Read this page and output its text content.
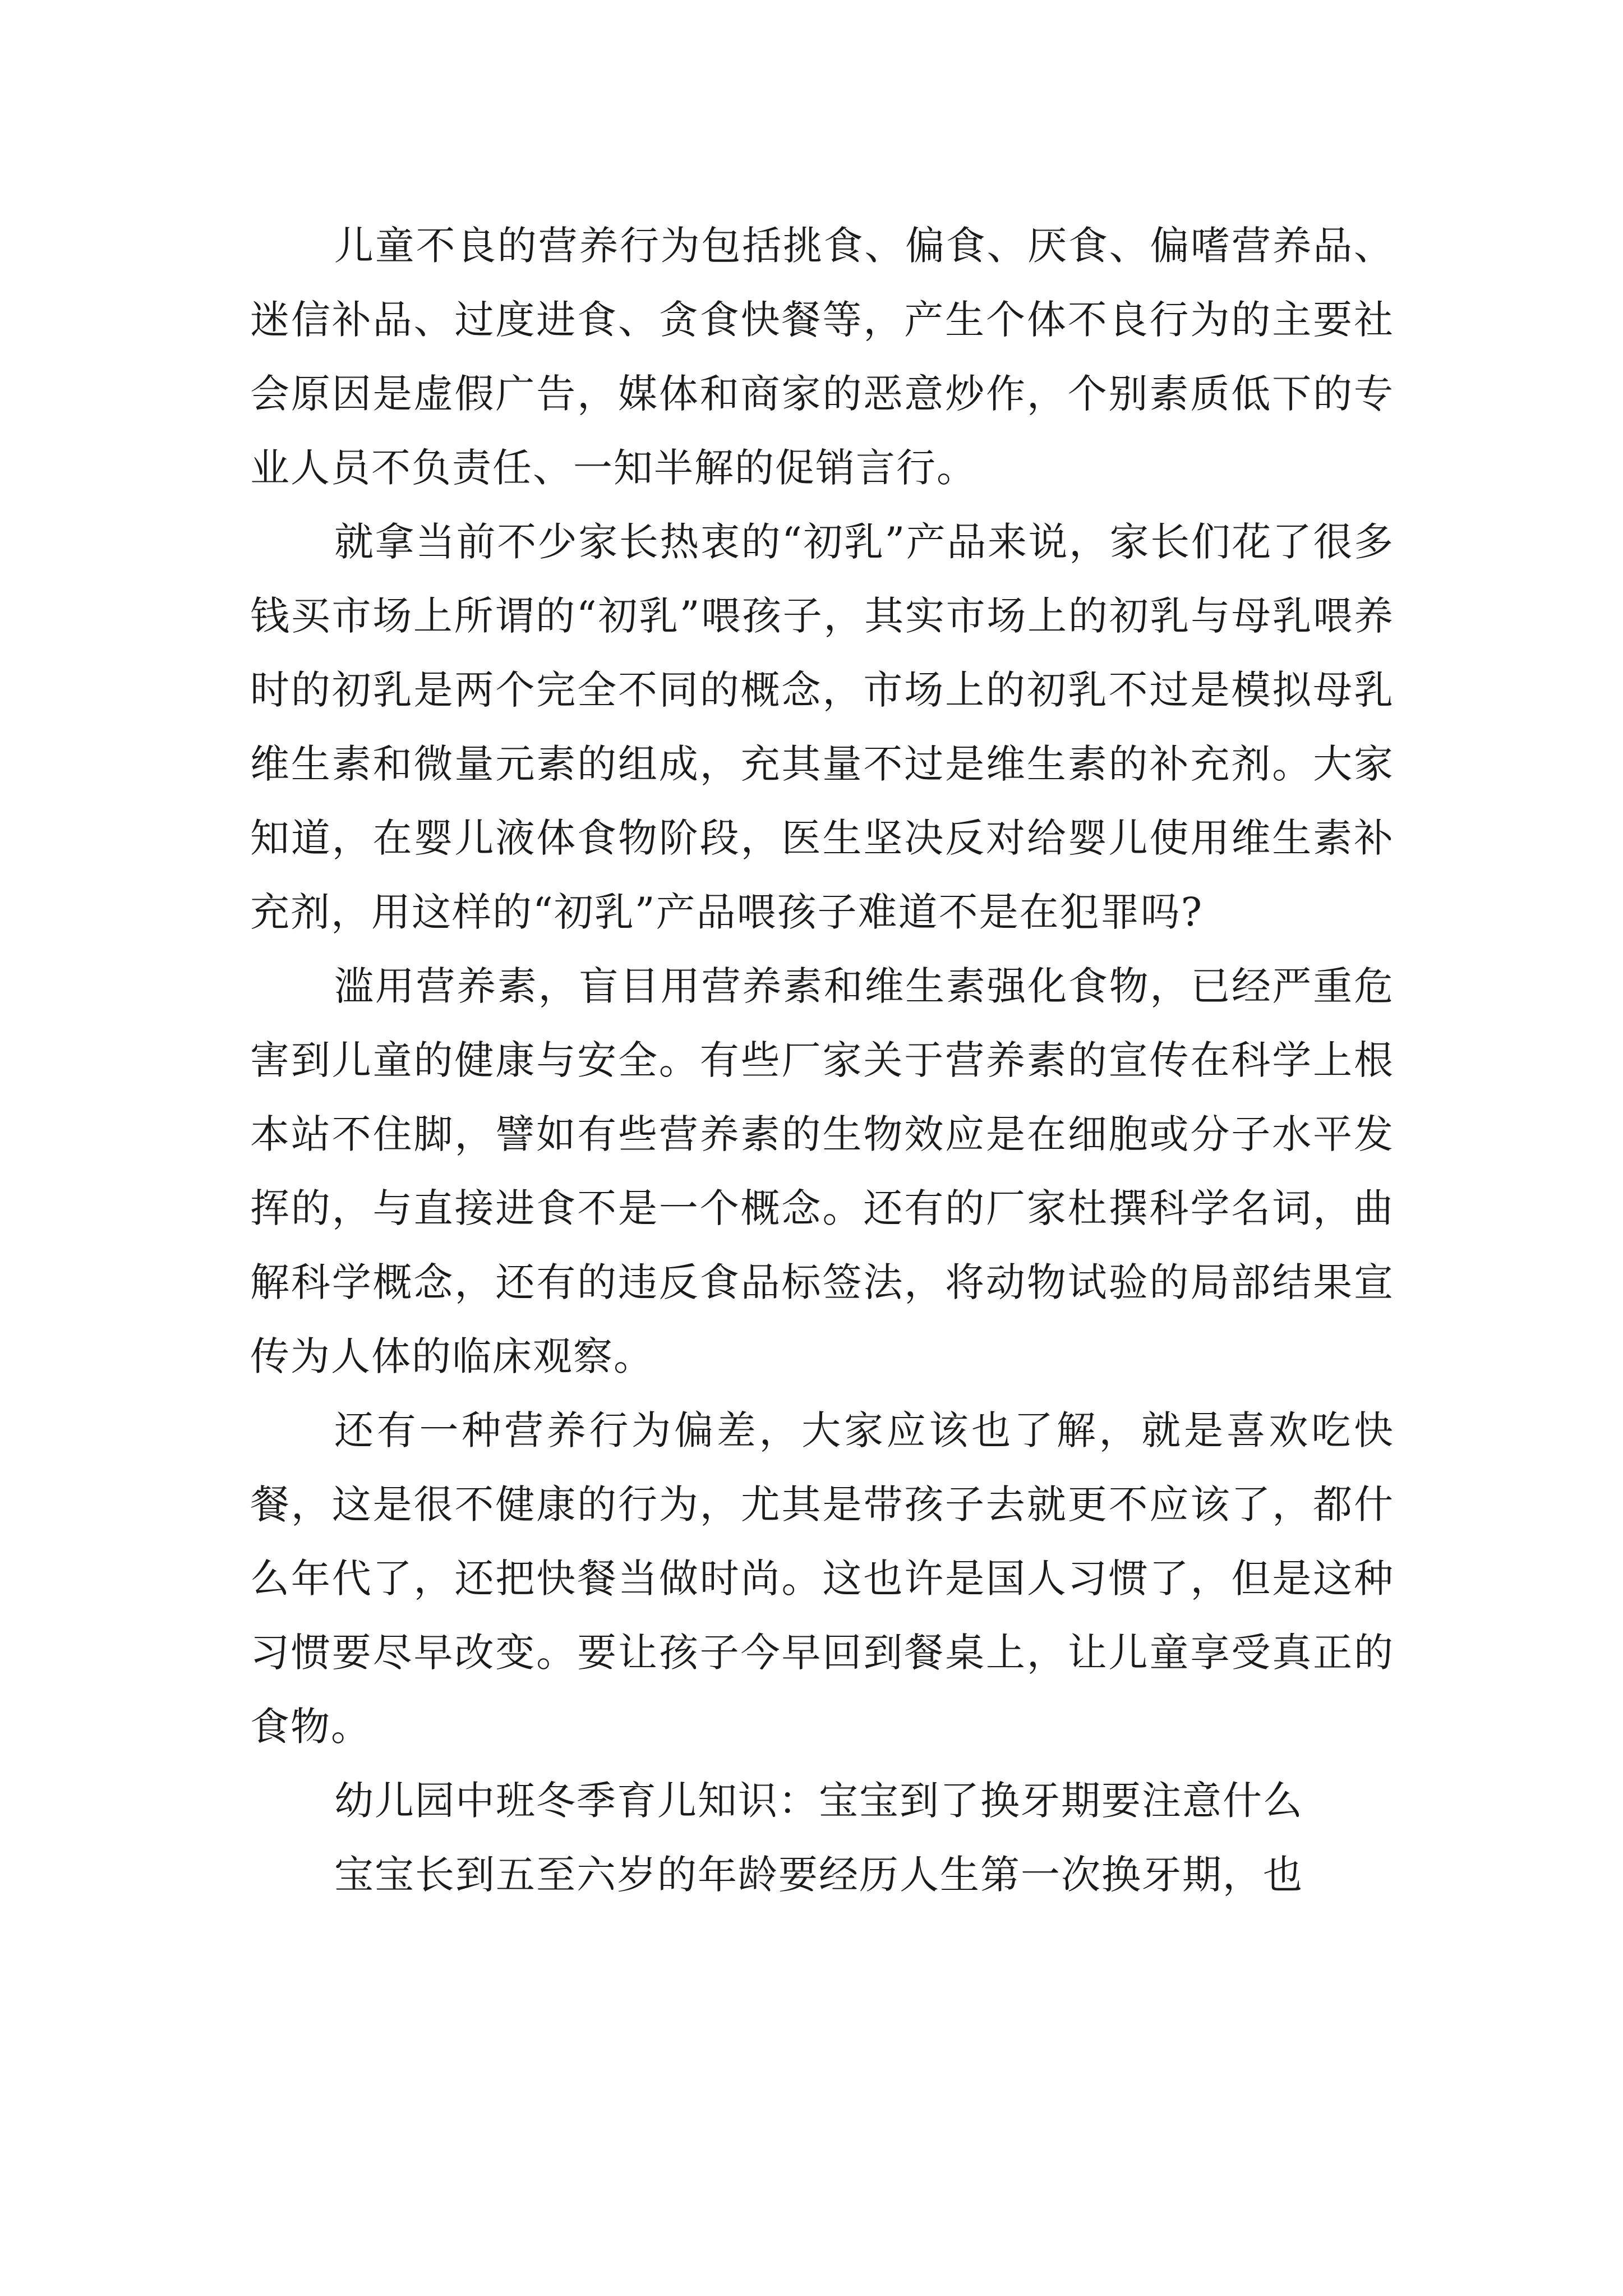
儿童不良的营养行为包括挑食、偏食、厌食、偏嗜营养品、迷信补品、过度进食、贪食快餐等，产生个体不良行为的主要社会原因是虚假广告，媒体和商家的恶意炒作，个别素质低下的专业人员不负责任、一知半解的促销言行。

就拿当前不少家长热衷的“初乳”产品来说，家长们花了很多钱买市场上所谓的“初乳”喂孩子，其实市场上的初乳与母乳喂养时的初乳是两个完全不同的概念，市场上的初乳不过是模拟母乳维生素和微量元素的组成，充其量不过是维生素的补充剂。大家知道，在婴儿液体食物阶段，医生坚决反对给婴儿使用维生素补充剂，用这样的“初乳”产品喂孩子难道不是在犯罪吗?

滥用营养素，盲目用营养素和维生素强化食物，已经严重危害到儿童的健康与安全。有些厂家关于营养素的宣传在科学上根本站不住脚，譬如有些营养素的生物效应是在细胞或分子水平发挥的，与直接进食不是一个概念。还有的厂家杜撰科学名词，曲解科学概念，还有的违反食品标签法，将动物试验的局部结果宣传为人体的临床观察。

还有一种营养行为偏差，大家应该也了解，就是喜欢吃快餐，这是很不健康的行为，尤其是带孩子去就更不应该了，都什么年代了，还把快餐当做时尚。这也许是国人习惯了，但是这种习惯要尽早改变。要让孩子今早回到餐桌上，让儿童享受真正的食物。

幼儿园中班冬季育儿知识：宝宝到了换牙期要注意什么

宝宝长到五至六岁的年龄要经历人生第一次换牙期，也
